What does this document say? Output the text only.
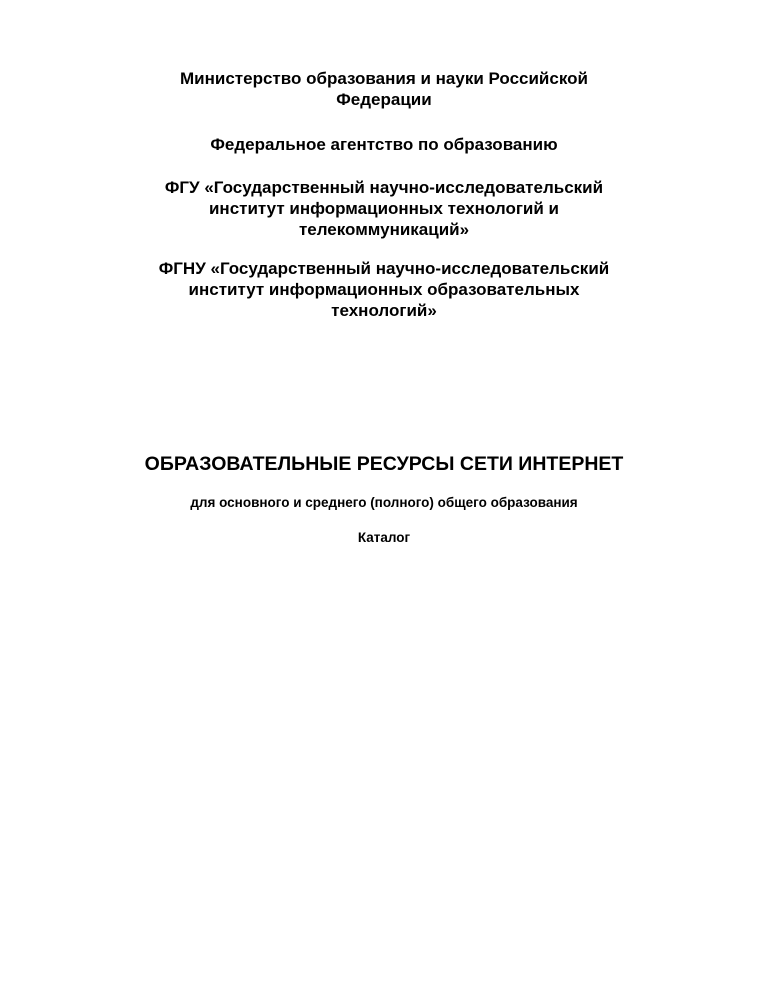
Министерство образования и науки Российской
Федерации
Федеральное агентство по образованию
ФГУ «Государственный научно-исследовательский
институт информационных технологий и
телекоммуникаций»
ФГНУ «Государственный научно-исследовательский
институт информационных образовательных
технологий»
ОБРАЗОВАТЕЛЬНЫЕ РЕСУРСЫ СЕТИ ИНТЕРНЕТ
для основного и среднего (полного) общего образования
Каталог
